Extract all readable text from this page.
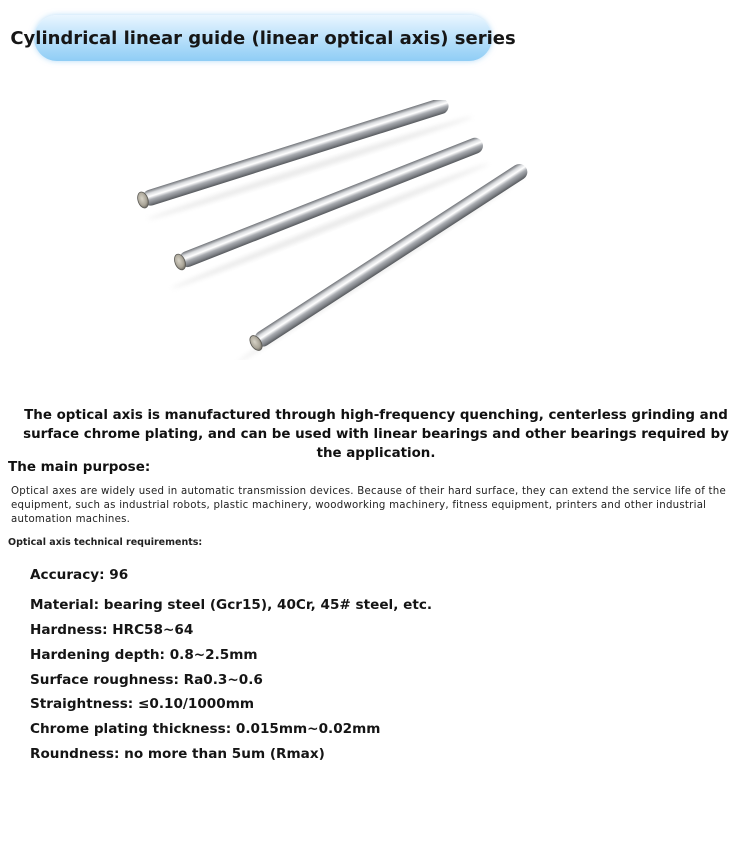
Cylindrical linear guide (linear optical axis) series

The optical axis is manufactured through high-frequency quenching, centerless grinding and surface chrome plating, and can be used with linear bearings and other bearings required by the application.

The main purpose:

Optical axes are widely used in automatic transmission devices. Because of their hard surface, they can extend the service life of the equipment, such as industrial robots, plastic machinery, woodworking machinery, fitness equipment, printers and other industrial automation machines.

Optical axis technical requirements:
Accuracy: 96
Material: bearing steel (Gcr15), 40Cr, 45# steel, etc.
Hardness: HRC58~64
Hardening depth: 0.8~2.5mm
Surface roughness: Ra0.3~0.6
Straightness: ≤0.10/1000mm
Chrome plating thickness: 0.015mm~0.02mm
Roundness: no more than 5um (Rmax)
